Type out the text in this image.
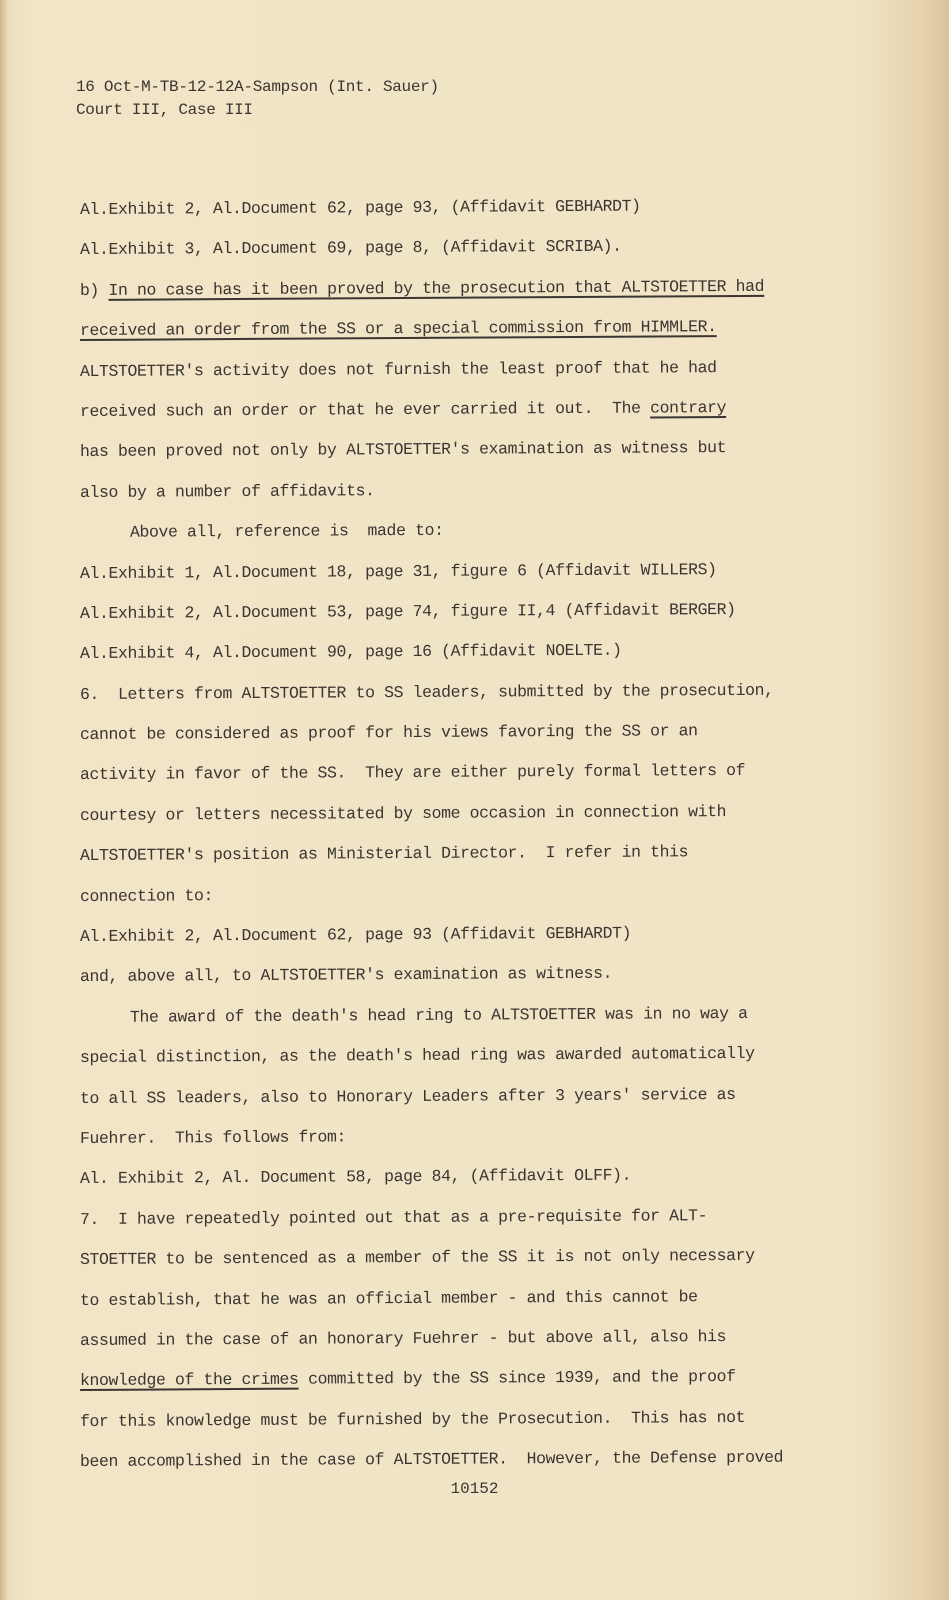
16 Oct-M-TB-12-12A-Sampson (Int. Sauer)
Court III, Case III
Al.Exhibit 2, Al.Document 62, page 93, (Affidavit GEBHARDT)
Al.Exhibit 3, Al.Document 69, page 8, (Affidavit SCRIBA).
b) In no case has it been proved by the prosecution that ALTSTOETTER had
received an order from the SS or a special commission from HIMMLER.
ALTSTOETTER's activity does not furnish the least proof that he had
received such an order or that he ever carried it out.  The contrary
has been proved not only by ALTSTOETTER's examination as witness but
also by a number of affidavits.
Above all, reference is  made to:
Al.Exhibit 1, Al.Document 18, page 31, figure 6 (Affidavit WILLERS)
Al.Exhibit 2, Al.Document 53, page 74, figure II,4 (Affidavit BERGER)
Al.Exhibit 4, Al.Document 90, page 16 (Affidavit NOELTE.)
6.  Letters from ALTSTOETTER to SS leaders, submitted by the prosecution,
cannot be considered as proof for his views favoring the SS or an
activity in favor of the SS.  They are either purely formal letters of
courtesy or letters necessitated by some occasion in connection with
ALTSTOETTER's position as Ministerial Director.  I refer in this
connection to:
Al.Exhibit 2, Al.Document 62, page 93 (Affidavit GEBHARDT)
and, above all, to ALTSTOETTER's examination as witness.
The award of the death's head ring to ALTSTOETTER was in no way a
special distinction, as the death's head ring was awarded automatically
to all SS leaders, also to Honorary Leaders after 3 years' service as
Fuehrer.  This follows from:
Al. Exhibit 2, Al. Document 58, page 84, (Affidavit OLFF).
7.  I have repeatedly pointed out that as a pre-requisite for ALT-
STOETTER to be sentenced as a member of the SS it is not only necessary
to establish, that he was an official member - and this cannot be
assumed in the case of an honorary Fuehrer - but above all, also his
knowledge of the crimes committed by the SS since 1939, and the proof
for this knowledge must be furnished by the Prosecution.  This has not
been accomplished in the case of ALTSTOETTER.  However, the Defense proved
10152
